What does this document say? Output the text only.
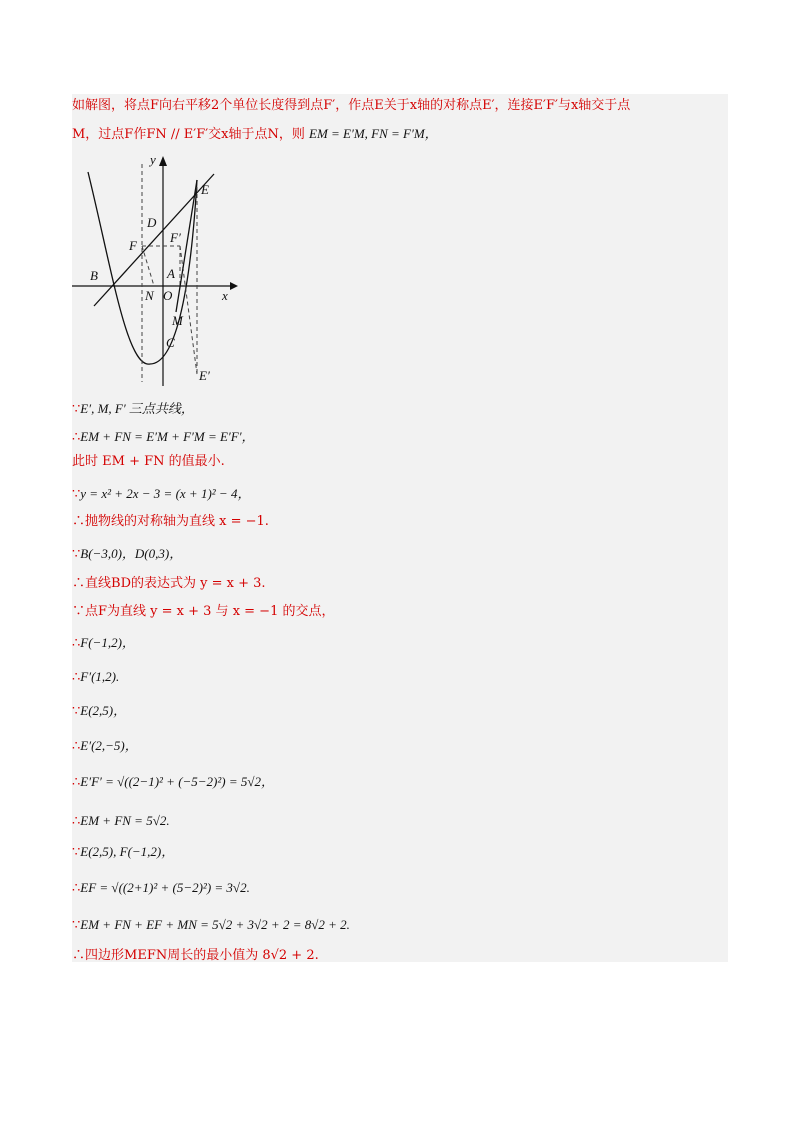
如解图，将点F向右平移2个单位长度得到点F′，作点E关于x轴的对称点E′，连接E′F′与x轴交于点
M，过点F作FN // E′F′交x轴于点N，则 EM = E′M, FN = F′M，
y
x
E
D
F
F′
B	A
N O
M
C
E′
∵E′, M, F′ 三点共线，
∴EM + FN = E′M + F′M = E′F′，
此时 EM + FN 的值最小.
∵y = x² + 2x − 3 = (x + 1)² − 4，
∴抛物线的对称轴为直线 x = −1.
∵B(−3,0)，D(0,3)，
∴直线BD的表达式为 y = x + 3.
∵点F为直线 y = x + 3 与 x = −1 的交点，
∴F(−1,2)，
∴F′(1,2).
∵E(2,5)，
∴E′(2,−5)，
∴E′F′ = √((2−1)² + (−5−2)²) = 5√2，
∴EM + FN = 5√2.
∵E(2,5), F(−1,2)，
∴EF = √((2+1)² + (5−2)²) = 3√2.
∵EM + FN + EF + MN = 5√2 + 3√2 + 2 = 8√2 + 2.
∴四边形MEFN周长的最小值为 8√2 + 2.
